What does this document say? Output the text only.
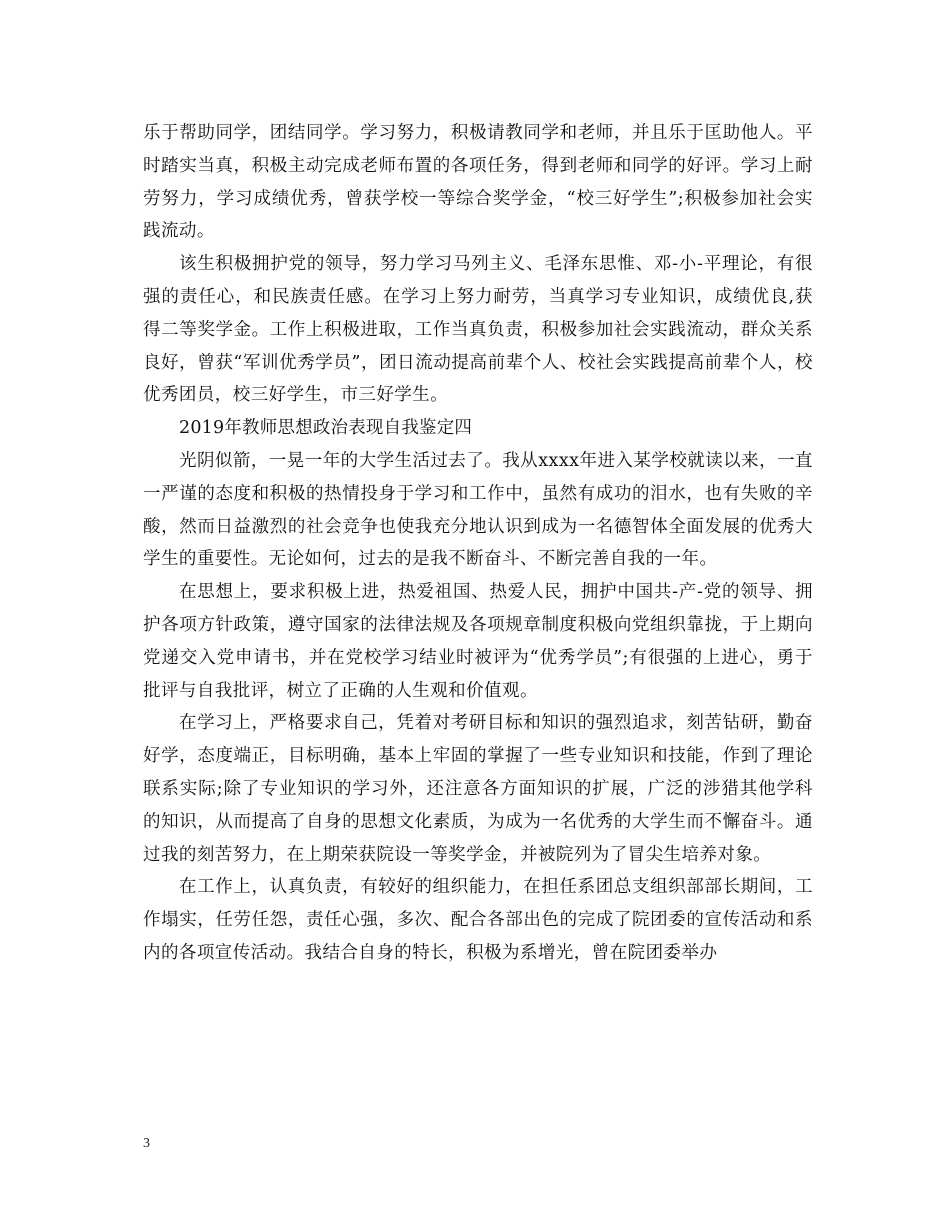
乐于帮助同学，团结同学。学习努力，积极请教同学和老师，并且乐于匡助他人。平时踏实当真，积极主动完成老师布置的各项任务，得到老师和同学的好评。学习上耐劳努力，学习成绩优秀，曾获学校一等综合奖学金，“校三好学生”;积极参加社会实践流动。

该生积极拥护党的领导，努力学习马列主义、毛泽东思惟、邓-小-平理论，有很强的责任心，和民族责任感。在学习上努力耐劳，当真学习专业知识，成绩优良,获得二等奖学金。工作上积极进取，工作当真负责，积极参加社会实践流动，群众关系良好，曾获“军训优秀学员”，团日流动提高前辈个人、校社会实践提高前辈个人，校优秀团员，校三好学生，市三好学生。

2019年教师思想政治表现自我鉴定四

光阴似箭，一晃一年的大学生活过去了。我从xxxx年进入某学校就读以来，一直一严谨的态度和积极的热情投身于学习和工作中，虽然有成功的泪水，也有失败的辛酸，然而日益激烈的社会竞争也使我充分地认识到成为一名德智体全面发展的优秀大学生的重要性。无论如何，过去的是我不断奋斗、不断完善自我的一年。

在思想上，要求积极上进，热爱祖国、热爱人民，拥护中国共-产-党的领导、拥护各项方针政策，遵守国家的法律法规及各项规章制度积极向党组织靠拢，于上期向党递交入党申请书，并在党校学习结业时被评为“优秀学员”;有很强的上进心，勇于批评与自我批评，树立了正确的人生观和价值观。

在学习上，严格要求自己，凭着对考研目标和知识的强烈追求，刻苦钻研，勤奋好学，态度端正，目标明确，基本上牢固的掌握了一些专业知识和技能，作到了理论联系实际;除了专业知识的学习外，还注意各方面知识的扩展，广泛的涉猎其他学科的知识，从而提高了自身的思想文化素质，为成为一名优秀的大学生而不懈奋斗。通过我的刻苦努力，在上期荣获院设一等奖学金，并被院列为了冒尖生培养对象。

在工作上，认真负责，有较好的组织能力，在担任系团总支组织部部长期间，工作塌实，任劳任怨，责任心强，多次、配合各部出色的完成了院团委的宣传活动和系内的各项宣传活动。我结合自身的特长，积极为系增光，曾在院团委举办

3
